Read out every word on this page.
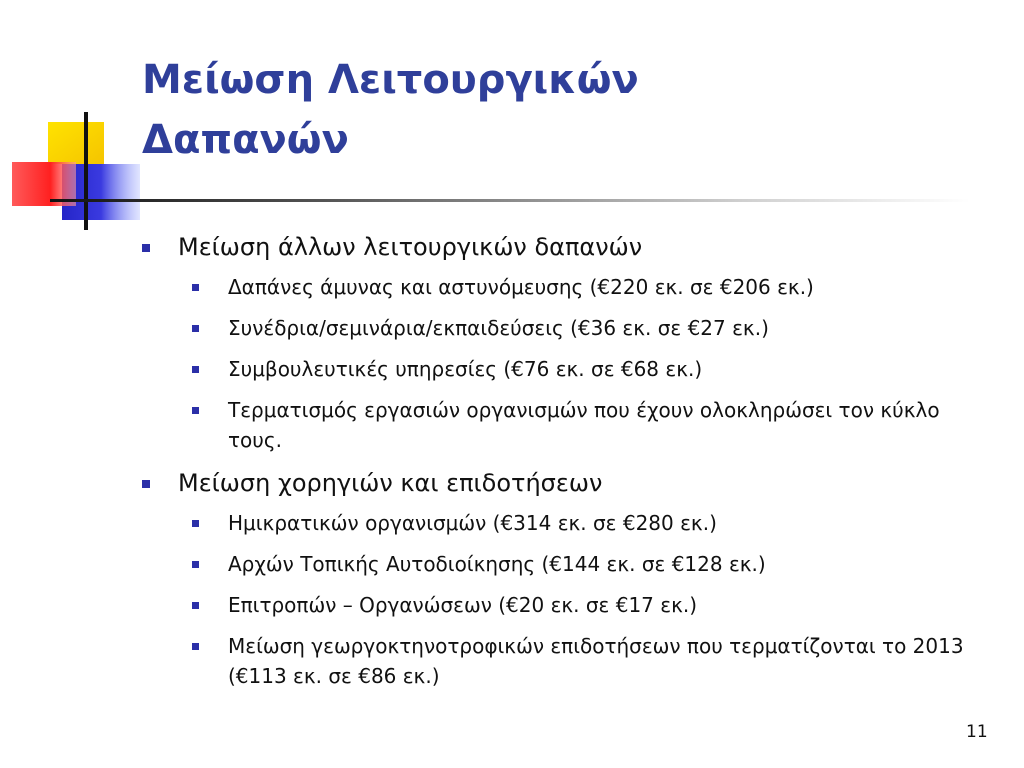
Μείωση Λειτουργικών
Δαπανών
Μείωση άλλων λειτουργικών δαπανών
Δαπάνες άμυνας και αστυνόμευσης (€220 εκ. σε €206 εκ.)
Συνέδρια/σεμινάρια/εκπαιδεύσεις (€36 εκ. σε €27 εκ.)
Συμβουλευτικές υπηρεσίες (€76 εκ. σε €68 εκ.)
Τερματισμός εργασιών οργανισμών που έχουν ολοκληρώσει τον κύκλο τους.
Μείωση χορηγιών και επιδοτήσεων
Ημικρατικών οργανισμών (€314 εκ. σε €280 εκ.)
Αρχών Τοπικής Αυτοδιοίκησης (€144 εκ. σε €128 εκ.)
Επιτροπών – Οργανώσεων (€20 εκ. σε €17 εκ.)
Μείωση γεωργοκτηνοτροφικών επιδοτήσεων που τερματίζονται το 2013 (€113 εκ. σε €86 εκ.)
11
